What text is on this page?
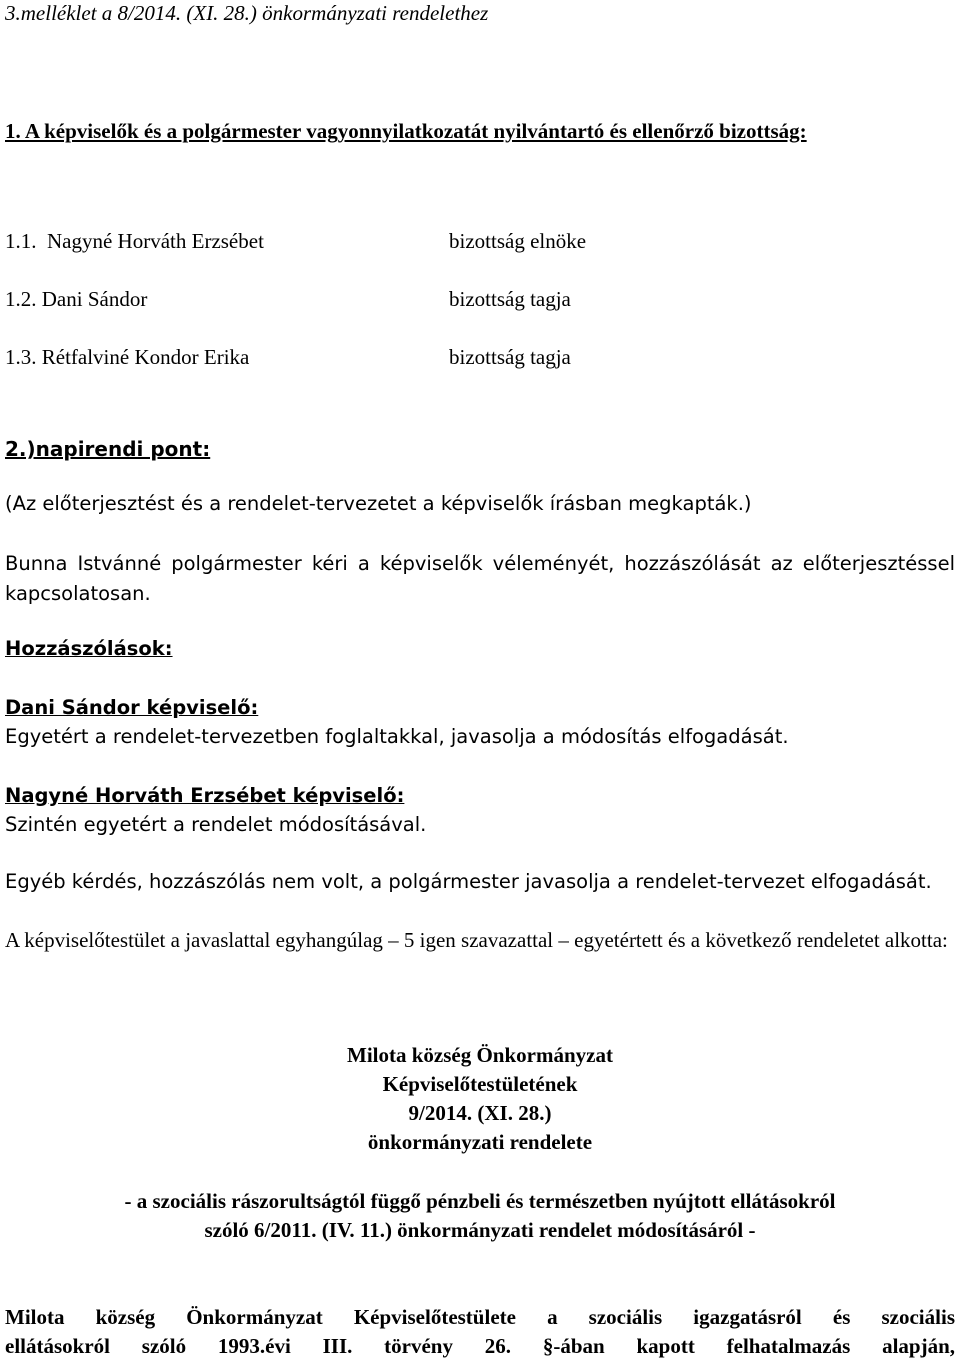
3.melléklet a 8/2014. (XI. 28.) önkormányzati rendelethez
1. A képviselők és a polgármester vagyonnyilatkozatát nyilvántartó és ellenőrző bizottság:
1.1. Nagyné Horváth Erzsébet	bizottság elnöke
1.2. Dani Sándor	bizottság tagja
1.3. Rétfalviné Kondor Erika	bizottság tagja
2.)napirendi pont:
(Az előterjesztést és a rendelet-tervezetet a képviselők írásban megkapták.)
Bunna Istvánné polgármester kéri a képviselők véleményét, hozzászólását az előterjesztéssel kapcsolatosan.
Hozzászólások:
Dani Sándor képviselő:
Egyetért a rendelet-tervezetben foglaltakkal, javasolja a módosítás elfogadását.
Nagyné Horváth Erzsébet képviselő:
Szintén egyetért a rendelet módosításával.
Egyéb kérdés, hozzászólás nem volt, a polgármester javasolja a rendelet-tervezet elfogadását.
A képviselőtestület a javaslattal egyhangúlag – 5 igen szavazattal – egyetértett és a következő rendeletet alkotta:
Milota község Önkormányzat
Képviselőtestületének
9/2014. (XI. 28.)
önkormányzati rendelete
- a szociális rászorultságtól függő pénzbeli és természetben nyújtott ellátásokról
szóló 6/2011. (IV. 11.) önkormányzati rendelet módosításáról -
Milota község Önkormányzat Képviselőtestülete a szociális igazgatásról és szociális
ellátásokról szóló 1993.évi III. törvény 26. §-ában kapott felhatalmazás alapján,
